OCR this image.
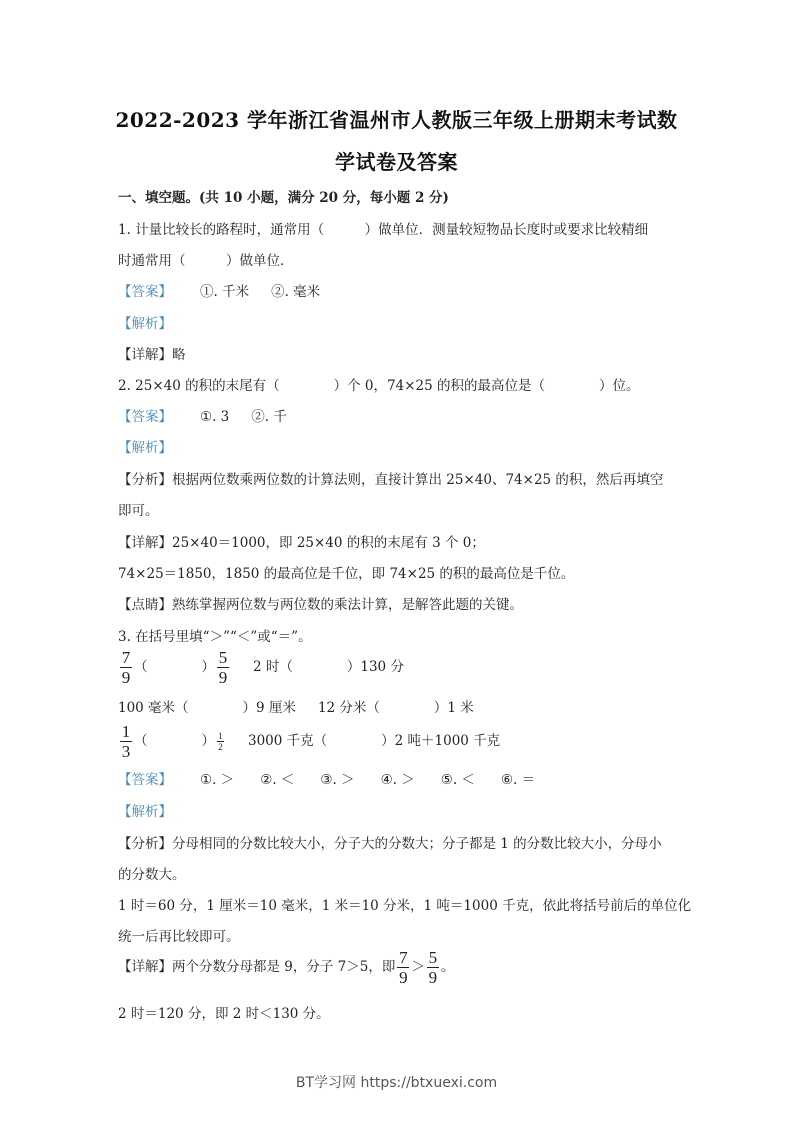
2022-2023 学年浙江省温州市人教版三年级上册期末考试数
学试卷及答案
一、填空题。(共 10 小题，满分 20 分，每小题 2 分)
1. 计量比较长的路程时，通常用（　　　）做单位．测量较短物品长度时或要求比较精细
时通常用（　　　）做单位．
【答案】 ①. 千米 ②. 毫米
【解析】
【详解】略
2. 25×40 的积的末尾有（　　　　）个 0，74×25 的积的最高位是（　　　　）位。
【答案】 ①. 3 ②. 千
【解析】
【分析】根据两位数乘两位数的计算法则，直接计算出 25×40、74×25 的积，然后再填空
即可。
【详解】25×40＝1000，即 25×40 的积的末尾有 3 个 0；
74×25＝1850，1850 的最高位是千位，即 74×25 的积的最高位是千位。
【点睛】熟练掌握两位数与两位数的乘法计算，是解答此题的关键。
3. 在括号里填“＞”“＜”或“＝”。
$\frac{7}{9}$ （　　　　） $\frac{5}{9} 2$ 时（　　　　）130 分
100 毫米（　　　　）9 厘米 12 分米（　　　　）1 米
$\frac{1}{3}$ （　　　　） $\frac{1}{2} 3000$ 千克（　　　　）2 吨＋1000 千克
【答案】 ①. ＞ ②. ＜ ③. ＞ ④. ＞ ⑤. ＜ ⑥. ＝
【解析】
【分析】分母相同的分数比较大小，分子大的分数大；分子都是 1 的分数比较大小，分母小
的分数大。
1 时＝60 分，1 厘米＝10 毫米，1 米＝10 分米，1 吨＝1000 千克，依此将括号前后的单位化
统一后再比较即可。
【详解】两个分数分母都是 9，分子 7＞5，即 $\frac{7}{9} > \frac{5}{9}$ 。
2 时＝120 分，即 2 时＜130 分。
BT学习网 https://btxuexi.com
